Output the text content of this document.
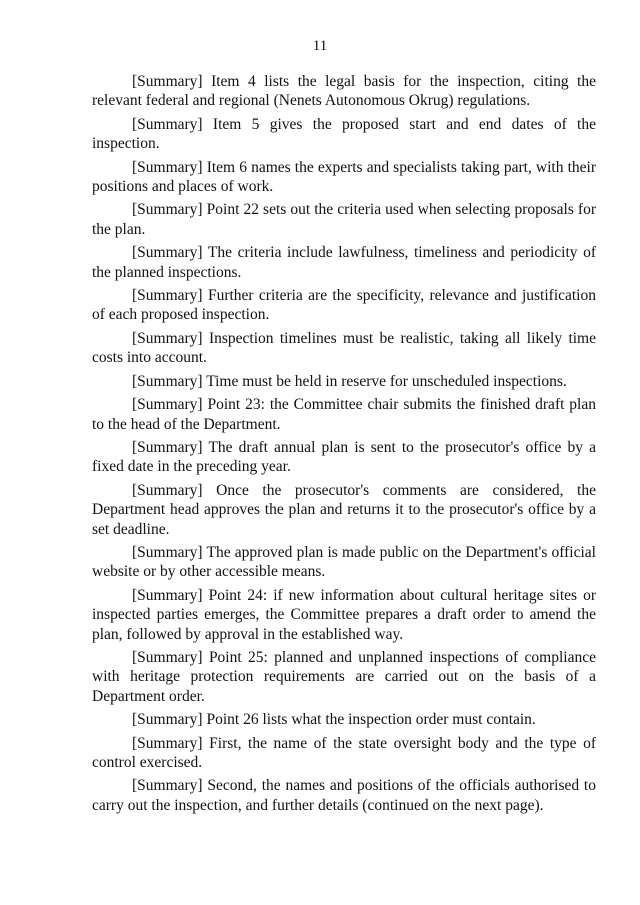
11

[Summary] Item 4 lists the legal basis for the inspection, citing the relevant federal and regional (Nenets Autonomous Okrug) regulations.

[Summary] Item 5 gives the proposed start and end dates of the inspection.

[Summary] Item 6 names the experts and specialists taking part, with their positions and places of work.

[Summary] Point 22 sets out the criteria used when selecting proposals for the plan.

[Summary] The criteria include lawfulness, timeliness and periodicity of the planned inspections.

[Summary] Further criteria are the specificity, relevance and justification of each proposed inspection.

[Summary] Inspection timelines must be realistic, taking all likely time costs into account.

[Summary] Time must be held in reserve for unscheduled inspections.

[Summary] Point 23: the Committee chair submits the finished draft plan to the head of the Department.

[Summary] The draft annual plan is sent to the prosecutor's office by a fixed date in the preceding year.

[Summary] Once the prosecutor's comments are considered, the Department head approves the plan and returns it to the prosecutor's office by a set deadline.

[Summary] The approved plan is made public on the Department's official website or by other accessible means.

[Summary] Point 24: if new information about cultural heritage sites or inspected parties emerges, the Committee prepares a draft order to amend the plan, followed by approval in the established way.

[Summary] Point 25: planned and unplanned inspections of compliance with heritage protection requirements are carried out on the basis of a Department order.

[Summary] Point 26 lists what the inspection order must contain.

[Summary] First, the name of the state oversight body and the type of control exercised.

[Summary] Second, the names and positions of the officials authorised to carry out the inspection, and further details (continued on the next page).
